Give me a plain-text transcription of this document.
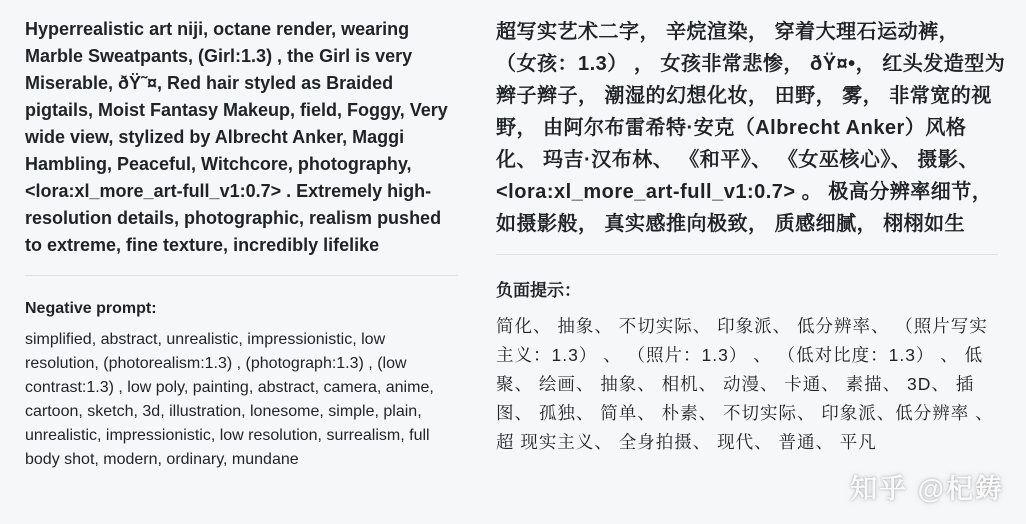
Hyperrealistic art niji, octane render, wearing Marble Sweatpants, (Girl:1.3) , the Girl is very Miserable, ðŸ˜¤, Red hair styled as Braided pigtails, Moist Fantasy Makeup, field, Foggy, Very wide view, stylized by Albrecht Anker, Maggi Hambling, Peaceful, Witchcore, photography, <lora:xl_more_art-full_v1:0.7> . Extremely high-resolution details, photographic, realism pushed to extreme, fine texture, incredibly lifelike

Negative prompt:

simplified, abstract, unrealistic, impressionistic, low resolution, (photorealism:1.3) , (photograph:1.3) , (low contrast:1.3) , low poly, painting, abstract, camera, anime, cartoon, sketch, 3d, illustration, lonesome, simple, plain, unrealistic, impressionistic, low resolution, surrealism, full body shot, modern, ordinary, mundane

超写实艺术二字， 辛烷渲染， 穿着大理石运动裤， （女孩：1.3） ， 女孩非常悲惨， ðŸ¤•， 红头发造型为辫子辫子， 潮湿的幻想化妆， 田野， 雾， 非常宽的视野， 由阿尔布雷希特·安克（Albrecht Anker）风格化、 玛吉·汉布林、 《和平》、 《女巫核心》、 摄影、 <lora:xl_more_art-full_v1:0.7> 。 极高分辨率细节， 如摄影般， 真实感推向极致， 质感细腻， 栩栩如生

负面提示：

简化、 抽象、 不切实际、 印象派、 低分辨率、 （照片写实主义：1.3） 、 （照片：1.3） 、 （低对比度：1.3） 、 低聚、 绘画、 抽象、 相机、 动漫、 卡通、 素描、 3D、 插图、 孤独、 简单、 朴素、 不切实际、 印象派、低分辨率 、 超 现实主义、 全身拍摄、 现代、 普通、 平凡

知乎 @杞鋳
